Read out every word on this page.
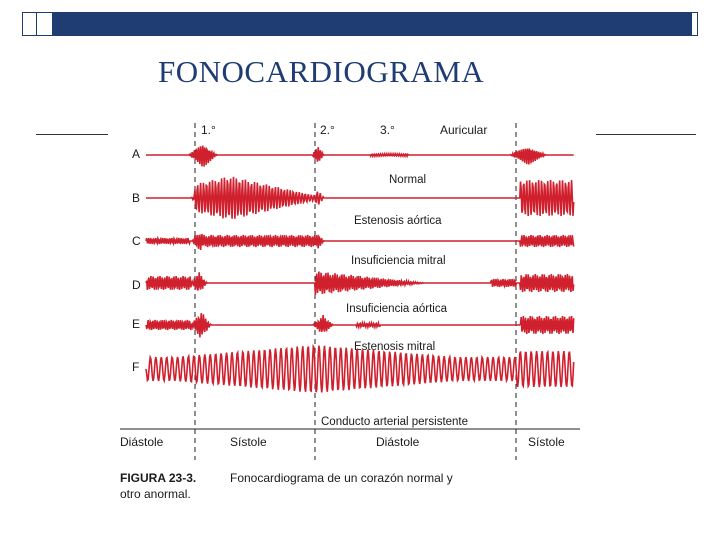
FONOCARDIOGRAMA
1.°	2.°	3.°	Auricular
A
B
C
D
E
F
Normal
Estenosis aórtica
Insuficiencia mitral
Insuficiencia aórtica
Estenosis mitral
Conducto arterial persistente
Diástole	Sístole	Diástole	Sístole
FIGURA 23-3.	Fonocardiograma de un corazón normal y
otro anormal.
